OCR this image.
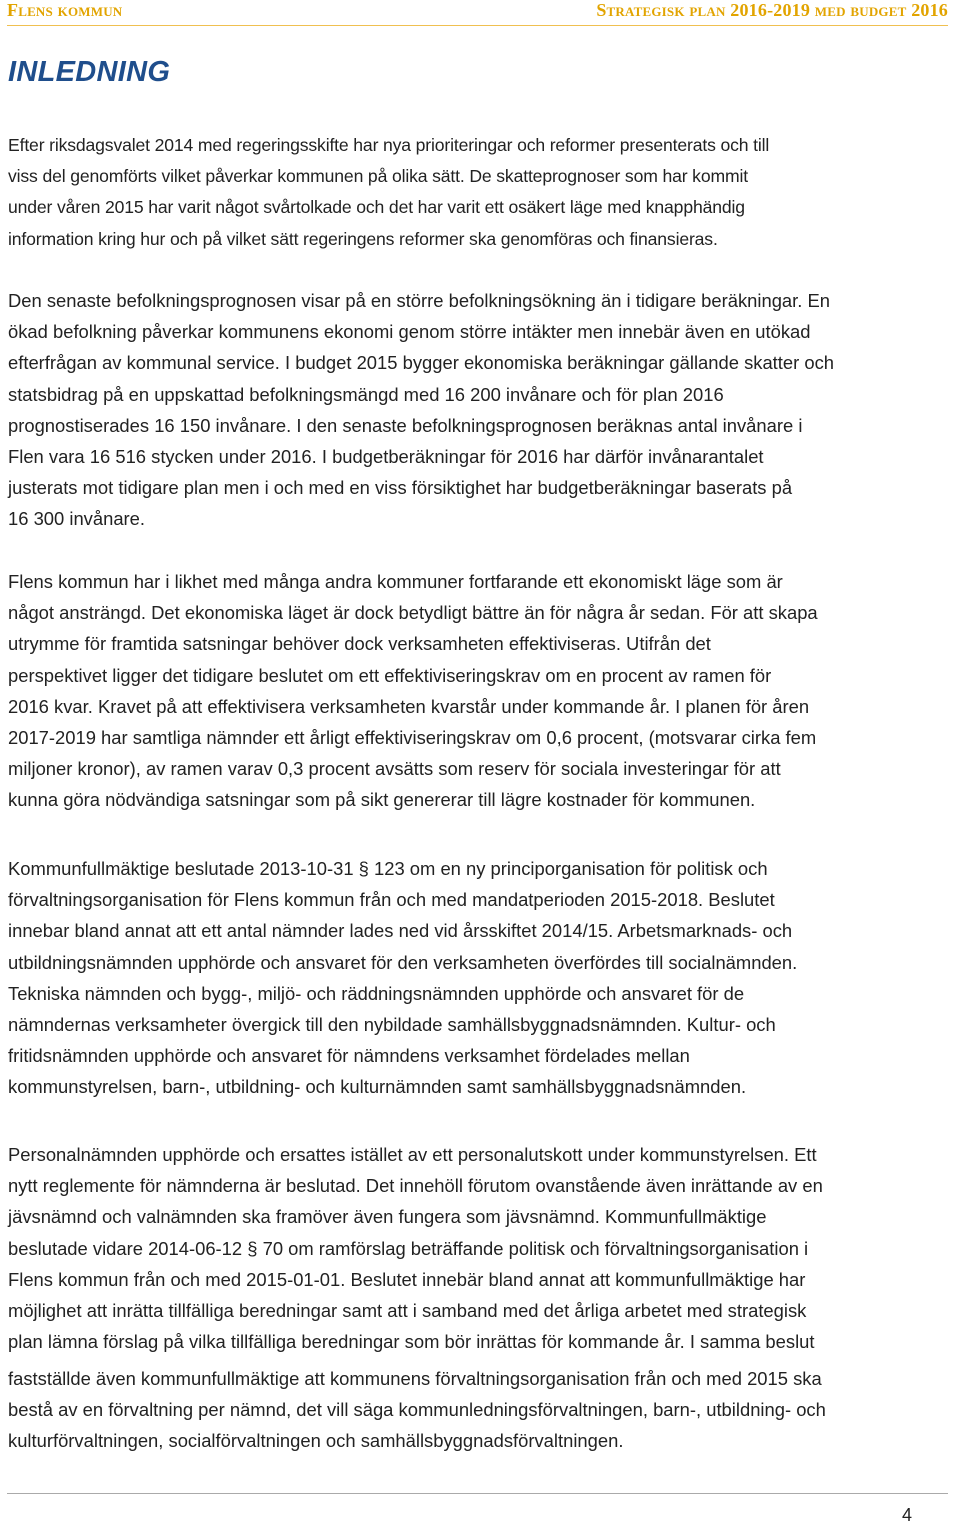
Flens kommun	Strategisk plan 2016-2019 med budget 2016
INLEDNING
Efter riksdagsvalet 2014 med regeringsskifte har nya prioriteringar och reformer presenterats och till
viss del genomförts vilket påverkar kommunen på olika sätt. De skatteprognoser som har kommit
under våren 2015 har varit något svårtolkade och det har varit ett osäkert läge med knapphändig
information kring hur och på vilket sätt regeringens reformer ska genomföras och finansieras.
Den senaste befolkningsprognosen visar på en större befolkningsökning än i tidigare beräkningar. En
ökad befolkning påverkar kommunens ekonomi genom större intäkter men innebär även en utökad
efterfrågan av kommunal service. I budget 2015 bygger ekonomiska beräkningar gällande skatter och
statsbidrag på en uppskattad befolkningsmängd med 16 200 invånare och för plan 2016
prognostiserades 16 150 invånare. I den senaste befolkningsprognosen beräknas antal invånare i
Flen vara 16 516 stycken under 2016. I budgetberäkningar för 2016 har därför invånarantalet
justerats mot tidigare plan men i och med en viss försiktighet har budgetberäkningar baserats på
16 300 invånare.
Flens kommun har i likhet med många andra kommuner fortfarande ett ekonomiskt läge som är
något ansträngd. Det ekonomiska läget är dock betydligt bättre än för några år sedan. För att skapa
utrymme för framtida satsningar behöver dock verksamheten effektiviseras. Utifrån det
perspektivet ligger det tidigare beslutet om ett effektiviseringskrav om en procent av ramen för
2016 kvar. Kravet på att effektivisera verksamheten kvarstår under kommande år. I planen för åren
2017-2019 har samtliga nämnder ett årligt effektiviseringskrav om 0,6 procent, (motsvarar cirka fem
miljoner kronor), av ramen varav 0,3 procent avsätts som reserv för sociala investeringar för att
kunna göra nödvändiga satsningar som på sikt genererar till lägre kostnader för kommunen.
Kommunfullmäktige beslutade 2013-10-31 § 123 om en ny principorganisation för politisk och
förvaltningsorganisation för Flens kommun från och med mandatperioden 2015-2018. Beslutet
innebar bland annat att ett antal nämnder lades ned vid årsskiftet 2014/15. Arbetsmarknads- och
utbildningsnämnden upphörde och ansvaret för den verksamheten överfördes till socialnämnden.
Tekniska nämnden och bygg-, miljö- och räddningsnämnden upphörde och ansvaret för de
nämndernas verksamheter övergick till den nybildade samhällsbyggnadsnämnden. Kultur- och
fritidsnämnden upphörde och ansvaret för nämndens verksamhet fördelades mellan
kommunstyrelsen, barn-, utbildning- och kulturnämnden samt samhällsbyggnadsnämnden.
Personalnämnden upphörde och ersattes istället av ett personalutskott under kommunstyrelsen. Ett
nytt reglemente för nämnderna är beslutad. Det innehöll förutom ovanstående även inrättande av en
jävsnämnd och valnämnden ska framöver även fungera som jävsnämnd. Kommunfullmäktige
beslutade vidare 2014-06-12 § 70 om ramförslag beträffande politisk och förvaltningsorganisation i
Flens kommun från och med 2015-01-01. Beslutet innebär bland annat att kommunfullmäktige har
möjlighet att inrätta tillfälliga beredningar samt att i samband med det årliga arbetet med strategisk
plan lämna förslag på vilka tillfälliga beredningar som bör inrättas för kommande år. I samma beslut
fastställde även kommunfullmäktige att kommunens förvaltningsorganisation från och med 2015 ska
bestå av en förvaltning per nämnd, det vill säga kommunledningsförvaltningen, barn-, utbildning- och
kulturförvaltningen, socialförvaltningen och samhällsbyggnadsförvaltningen.
4
